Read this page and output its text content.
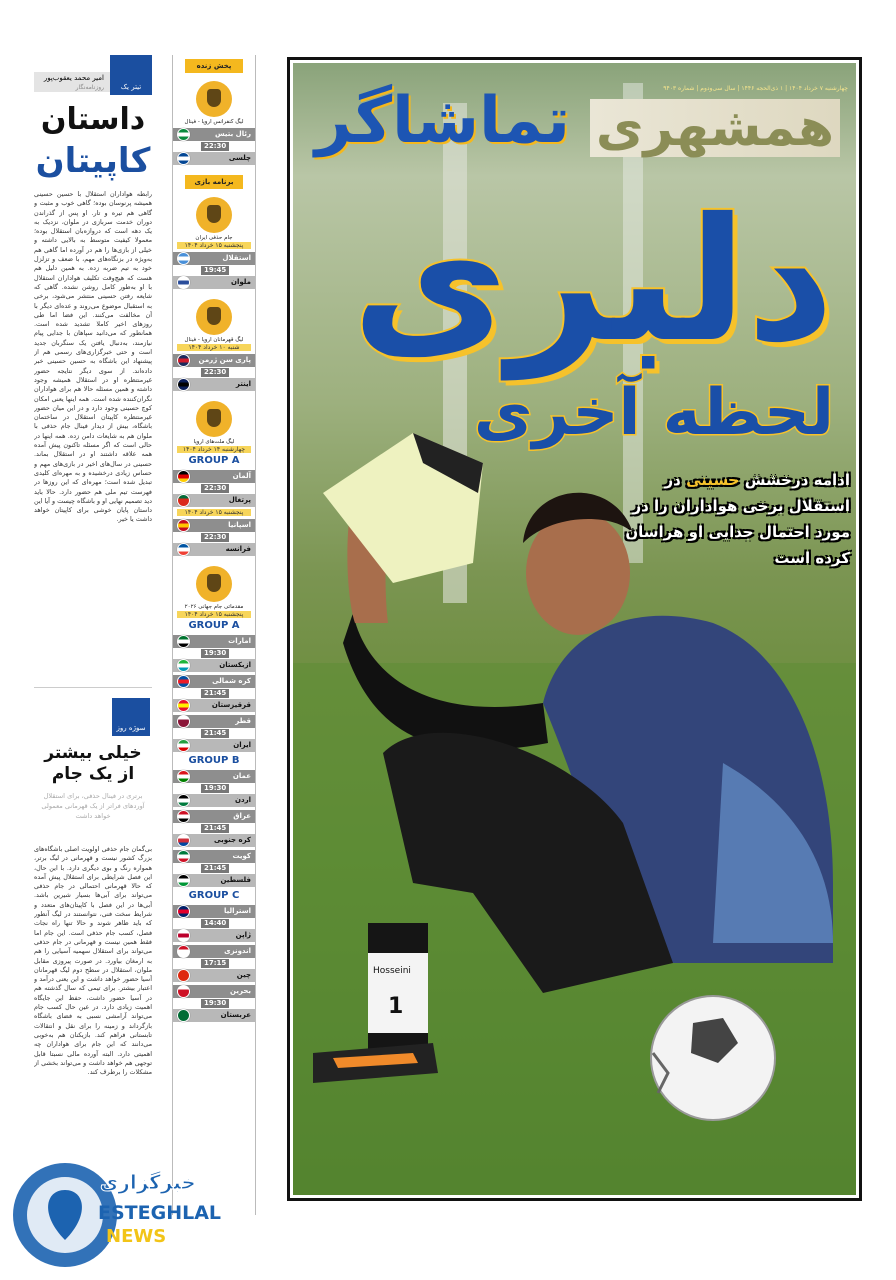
تیتر یک
امیر محمد یعقوب‌پور
روزنامه‌نگار
داستان
کاپیتان
رابطه هواداران استقلال با حسین حسینی همیشه پرنوسان بوده؛ گاهی خوب و مثبت و گاهی هم تیره و تار. او پس از گذراندن دوران خدمت سربازی در ملوان، نزدیک به یک دهه است که دروازه‌بان استقلال بوده؛ معمولا کیفیت متوسط به بالایی داشته و خیلی از بازی‌ها را هم در آورده اما گاهی هم به‌ویژه در بزنگاه‌های مهم، با ضعف و تزلزل خود به تیم ضربه زده. به همین دلیل هم هست که هیچ‌وقت تکلیف هواداران استقلال با او به‌طور کامل روشن نشده. گاهی که شایعه رفتن حسینی منتشر می‌شود، برخی به استقبال موضوع می‌روند و عده‌ای دیگر با آن مخالفت می‌کنند. این فضا اما طی روزهای اخیر کاملا تشدید شده است. همانطور که می‌دانید سپاهان با جدایی پیام نیازمند، به‌دنبال یافتن یک سنگربان جدید است و حتی خبرگزاری‌های رسمی هم از پیشنهاد این باشگاه به حسین حسینی خبر داده‌اند. از سوی دیگر نتایجه حضور غیرمنتظره او در استقلال همیشه وجود داشته و همین مسئله حالا هم برای هواداران نگران‌کننده شده است. همه اینها یعنی امکان کوچ حسینی وجود دارد و در این میان حضور غیرمنتظره کاپیتان استقلال در ساختمان باشگاه، بیش از دیدار فینال جام حذفی با ملوان هم به شایعات دامن زده. همه اینها در حالی است که اگر مسئله تاکنون پیش آمده همه علاقه داشتند او در استقلال بماند. حسینی در سال‌های اخیر در بازی‌های مهم و حساس زیادی درخشیده و به مهره‌ای کلیدی تبدیل شده است؛ مهره‌ای که این روزها در فهرست تیم ملی هم حضور دارد. حالا باید دید تصمیم نهایی او و باشگاه چیست و آیا این داستان پایان خوشی برای کاپیتان خواهد داشت یا خیر.
سوژه روز
خیلی بیشتر از یک جام
برتری در فینال حذفی، برای استقلال آوردهای فراتر از یک قهرمانی معمولی خواهد داشت
بی‌گمان جام حذفی اولویت اصلی باشگاه‌های بزرگ کشور نیست و قهرمانی در لیگ برتر، همواره رنگ و بوی دیگری دارد. با این حال، این فصل شرایطی برای استقلال پیش آمده که حالا قهرمانی احتمالی در جام حذفی می‌تواند برای آبی‌ها بسیار شیرین باشد. آبی‌ها در این فصل با کاپیتان‌های متعدد و شرایط سخت فنی، نتوانستند در لیگ آنطور که باید ظاهر شوند و حالا تنها راه نجات فصل، کسب جام حذفی است. این جام اما فقط همین نیست و قهرمانی در جام حذفی می‌تواند برای استقلال سهمیه آسیایی را هم به ارمغان بیاورد. در صورت پیروزی مقابل ملوان، استقلال در سطح دوم لیگ قهرمانان آسیا حضور خواهد داشت و این یعنی درآمد و اعتبار بیشتر. برای تیمی که سال گذشته هم در آسیا حضور داشت، حفظ این جایگاه اهمیت زیادی دارد. در عین حال کسب جام می‌تواند آرامشی نسبی به فضای باشگاه بازگرداند و زمینه را برای نقل و انتقالات تابستانی فراهم کند. بازیکنان هم به‌خوبی می‌دانند که این جام برای هواداران چه اهمیتی دارد. البته آورده مالی نسبتا قابل توجهی هم خواهد داشت و می‌تواند بخشی از مشکلات را برطرف کند.
پخش زنده
لیگ کنفرانس اروپا - فینال
رئال بتیس
چلسی
22:30
برنامه بازی
جام حذفی ایران
پنجشنبه ۱۵ خرداد ۱۴۰۴
استقلال
ملوان
19:45
لیگ قهرمانان اروپا - فینال
شنبه ۱۰ خرداد ۱۴۰۴
پاری سن ژرمن
اینتر
22:30
لیگ ملت‌های اروپا
چهارشنبه ۱۴ خرداد ۱۴۰۴
GROUP A
آلمان
پرتغال
22:30
پنجشنبه ۱۵ خرداد ۱۴۰۴
اسپانیا
فرانسه
22:30
مقدماتی جام جهانی ۲۰۲۶
پنجشنبه ۱۵ خرداد ۱۴۰۴
GROUP A
امارات
ازبکستان
19:30
کره شمالی
قرقیزستان
21:45
قطر
ایران
21:45
GROUP B
عمان
اردن
19:30
عراق
کره جنوبی
21:45
کویت
فلسطین
21:45
GROUP C
استرالیا
ژاپن
14:40
اندونزی
چین
17:15
بحرین
عربستان
19:30	1
Hosseini
چهارشنبه ۷ خرداد ۱۴۰۴ | ۱ ذی‌الحجه ۱۴۴۶ | سال سی‌ودوم | شماره ۹۴۰۳
همشهری
تماشاگر
دلبری
لحظه آخری
ادامه درخشش حسینی در استقلال برخی هواداران را در مورد احتمال جدایی او هراسان کرده است
خبرگزاری
ESTEGHLAL
NEWS
